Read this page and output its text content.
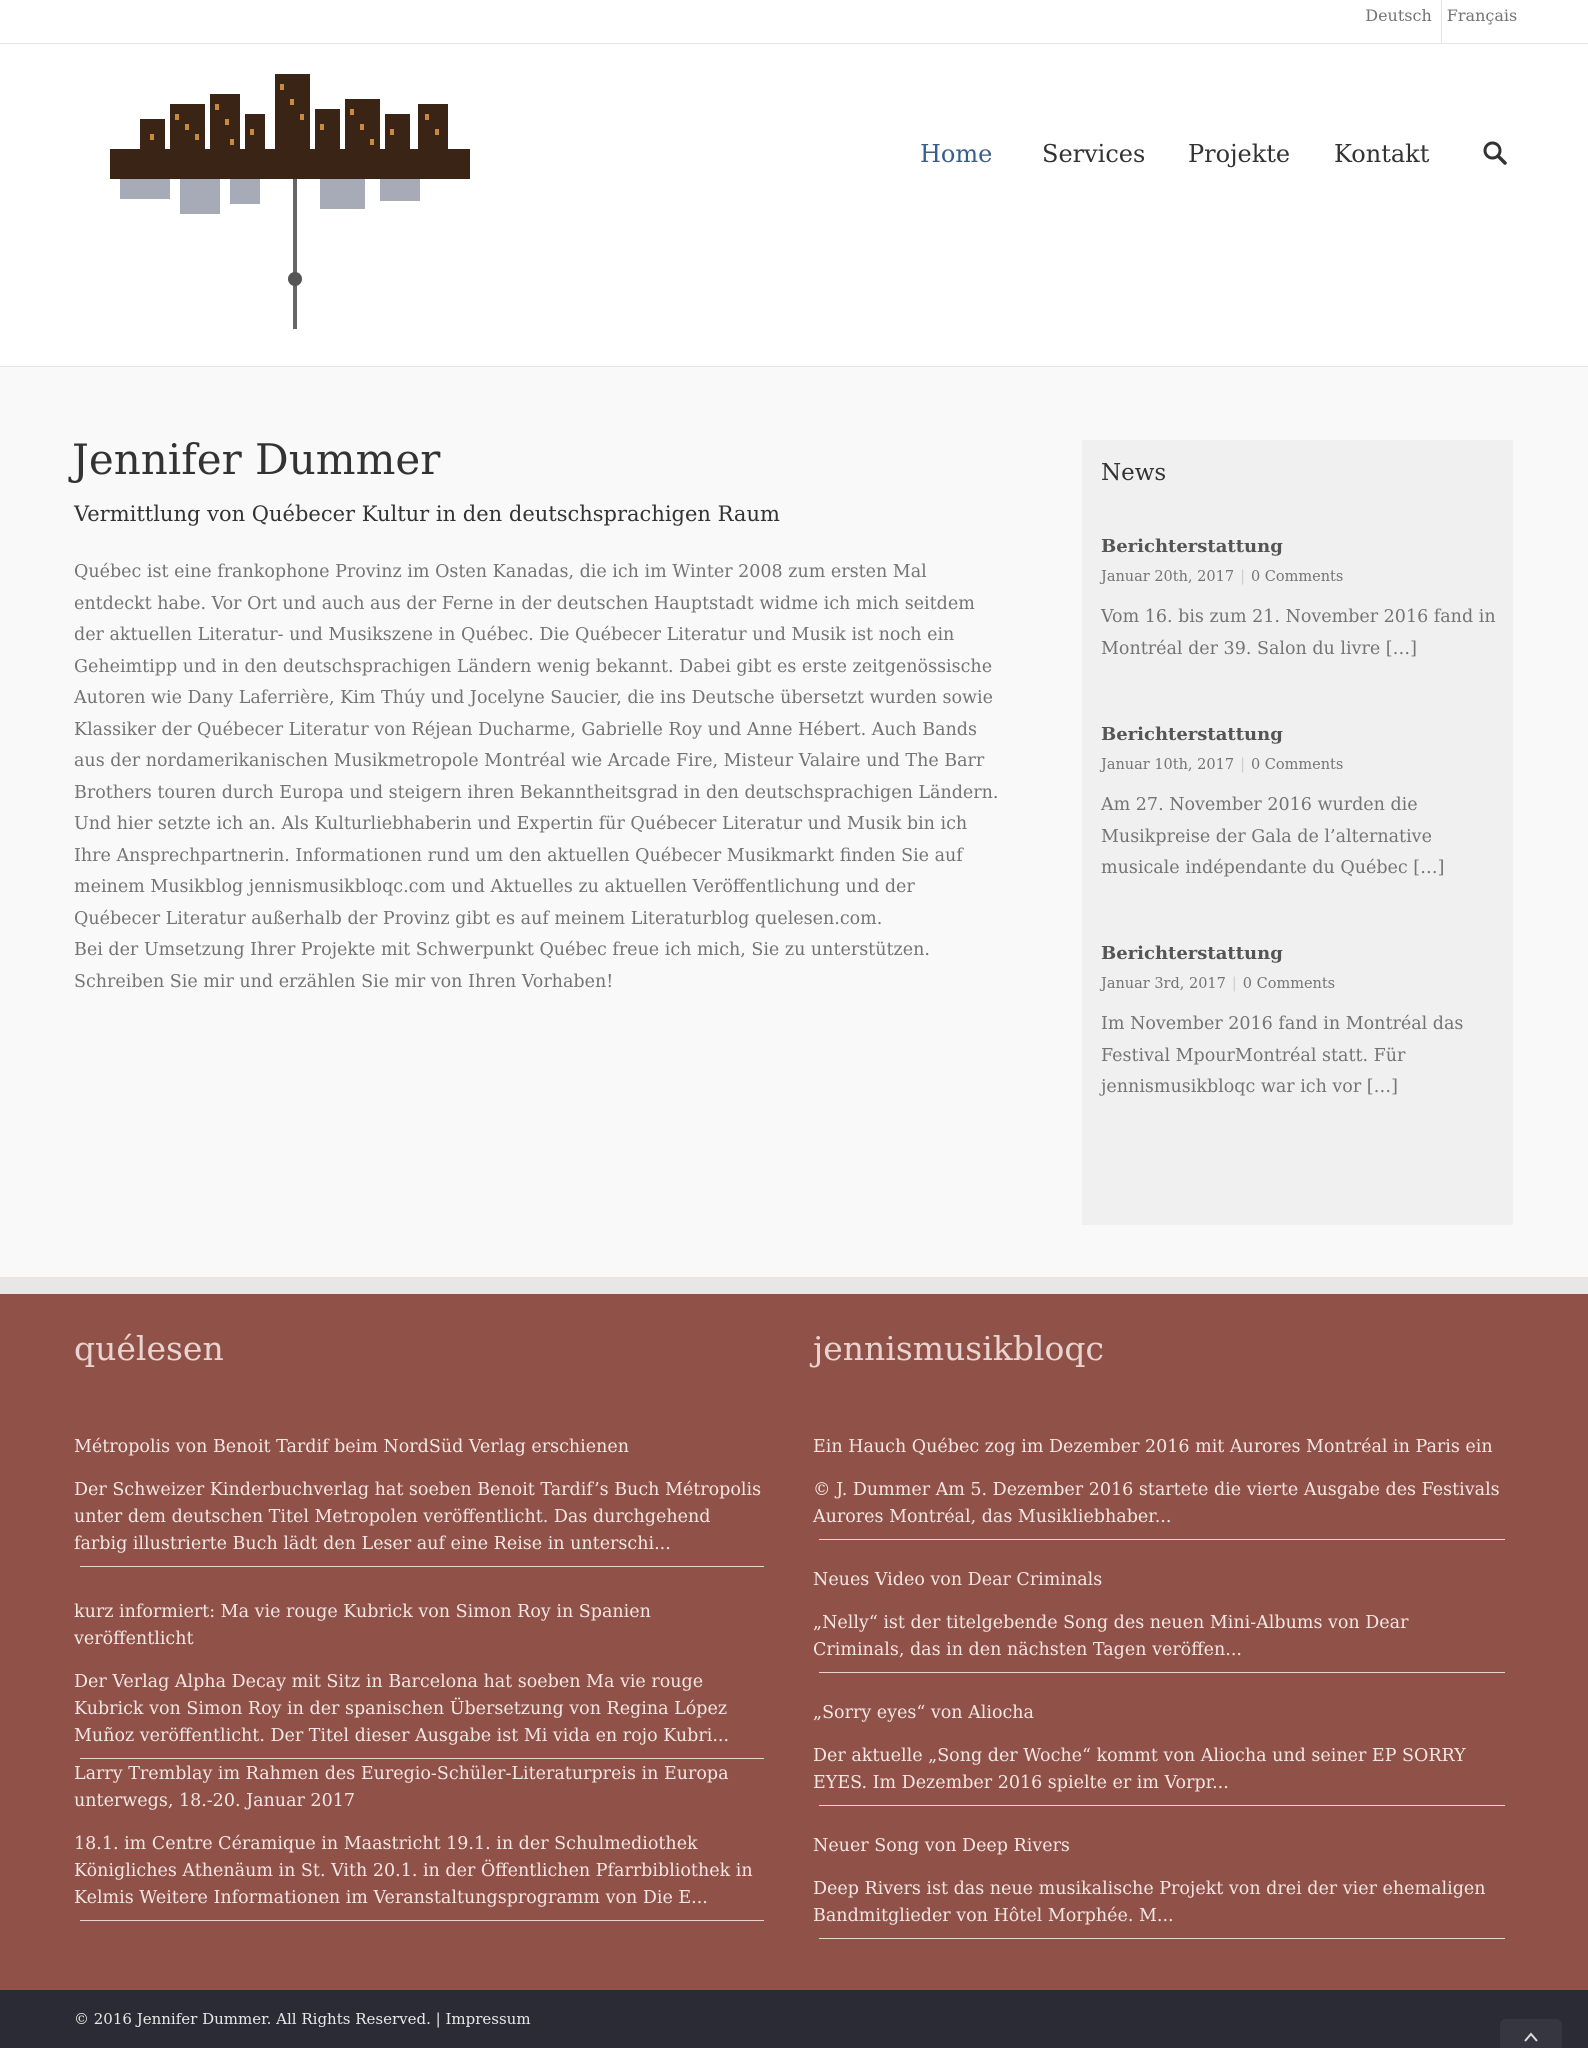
Deutsch Français
Home Services Projekte Kontakt
Jennifer Dummer
Vermittlung von Québecer Kultur in den deutschsprachigen Raum

Québec ist eine frankophone Provinz im Osten Kanadas, die ich im Winter 2008 zum ersten Mal entdeckt habe. Vor Ort und auch aus der Ferne in der deutschen Hauptstadt widme ich mich seitdem der aktuellen Literatur- und Musikszene in Québec. Die Québecer Literatur und Musik ist noch ein Geheimtipp und in den deutschsprachigen Ländern wenig bekannt. Dabei gibt es erste zeitgenössische Autoren wie Dany Laferrière, Kim Thúy und Jocelyne Saucier, die ins Deutsche übersetzt wurden sowie Klassiker der Québecer Literatur von Réjean Ducharme, Gabrielle Roy und Anne Hébert. Auch Bands aus der nordamerikanischen Musikmetropole Montréal wie Arcade Fire, Misteur Valaire und The Barr Brothers touren durch Europa und steigern ihren Bekanntheitsgrad in den deutschsprachigen Ländern.

Und hier setzte ich an. Als Kulturliebhaberin und Expertin für Québecer Literatur und Musik bin ich Ihre Ansprechpartnerin. Informationen rund um den aktuellen Québecer Musikmarkt finden Sie auf meinem Musikblog jennismusikbloqc.com und Aktuelles zu aktuellen Veröffentlichung und der Québecer Literatur außerhalb der Provinz gibt es auf meinem Literaturblog quelesen.com.

Bei der Umsetzung Ihrer Projekte mit Schwerpunkt Québec freue ich mich, Sie zu unterstützen. Schreiben Sie mir und erzählen Sie mir von Ihren Vorhaben!

News
Berichterstattung
Januar 20th, 2017 | 0 Comments
Vom 16. bis zum 21. November 2016 fand in Montréal der 39. Salon du livre […]
Berichterstattung
Januar 10th, 2017 | 0 Comments
Am 27. November 2016 wurden die Musikpreise der Gala de l’alternative musicale indépendante du Québec […]
Berichterstattung
Januar 3rd, 2017 | 0 Comments
Im November 2016 fand in Montréal das Festival MpourMontréal statt. Für jennismusikbloqc war ich vor […]
quélesen
Métropolis von Benoit Tardif beim NordSüd Verlag erschienen
Der Schweizer Kinderbuchverlag hat soeben Benoit Tardif’s Buch Métropolis unter dem deutschen Titel Metropolen veröffentlicht. Das durchgehend farbig illustrierte Buch lädt den Leser auf eine Reise in unterschi...
kurz informiert: Ma vie rouge Kubrick von Simon Roy in Spanien veröffentlicht
Der Verlag Alpha Decay mit Sitz in Barcelona hat soeben Ma vie rouge Kubrick von Simon Roy in der spanischen Übersetzung von Regina López Muñoz veröffentlicht. Der Titel dieser Ausgabe ist Mi vida en rojo Kubri...
Larry Tremblay im Rahmen des Euregio-Schüler-Literaturpreis in Europa unterwegs, 18.-20. Januar 2017
18.1. im Centre Céramique in Maastricht 19.1. in der Schulmediothek Königliches Athenäum in St. Vith 20.1. in der Öffentlichen Pfarrbibliothek in Kelmis Weitere Informationen im Veranstaltungsprogramm von Die E...
jennismusikbloqc
Ein Hauch Québec zog im Dezember 2016 mit Aurores Montréal in Paris ein
© J. Dummer Am 5. Dezember 2016 startete die vierte Ausgabe des Festivals Aurores Montréal, das Musikliebhaber...
Neues Video von Dear Criminals
„Nelly“ ist der titelgebende Song des neuen Mini-Albums von Dear Criminals, das in den nächsten Tagen veröffen...
„Sorry eyes“ von Aliocha
Der aktuelle „Song der Woche“ kommt von Aliocha und seiner EP SORRY EYES. Im Dezember 2016 spielte er im Vorpr...
Neuer Song von Deep Rivers
Deep Rivers ist das neue musikalische Projekt von drei der vier ehemaligen Bandmitglieder von Hôtel Morphée. M...
© 2016 Jennifer Dummer. All Rights Reserved. | Impressum
